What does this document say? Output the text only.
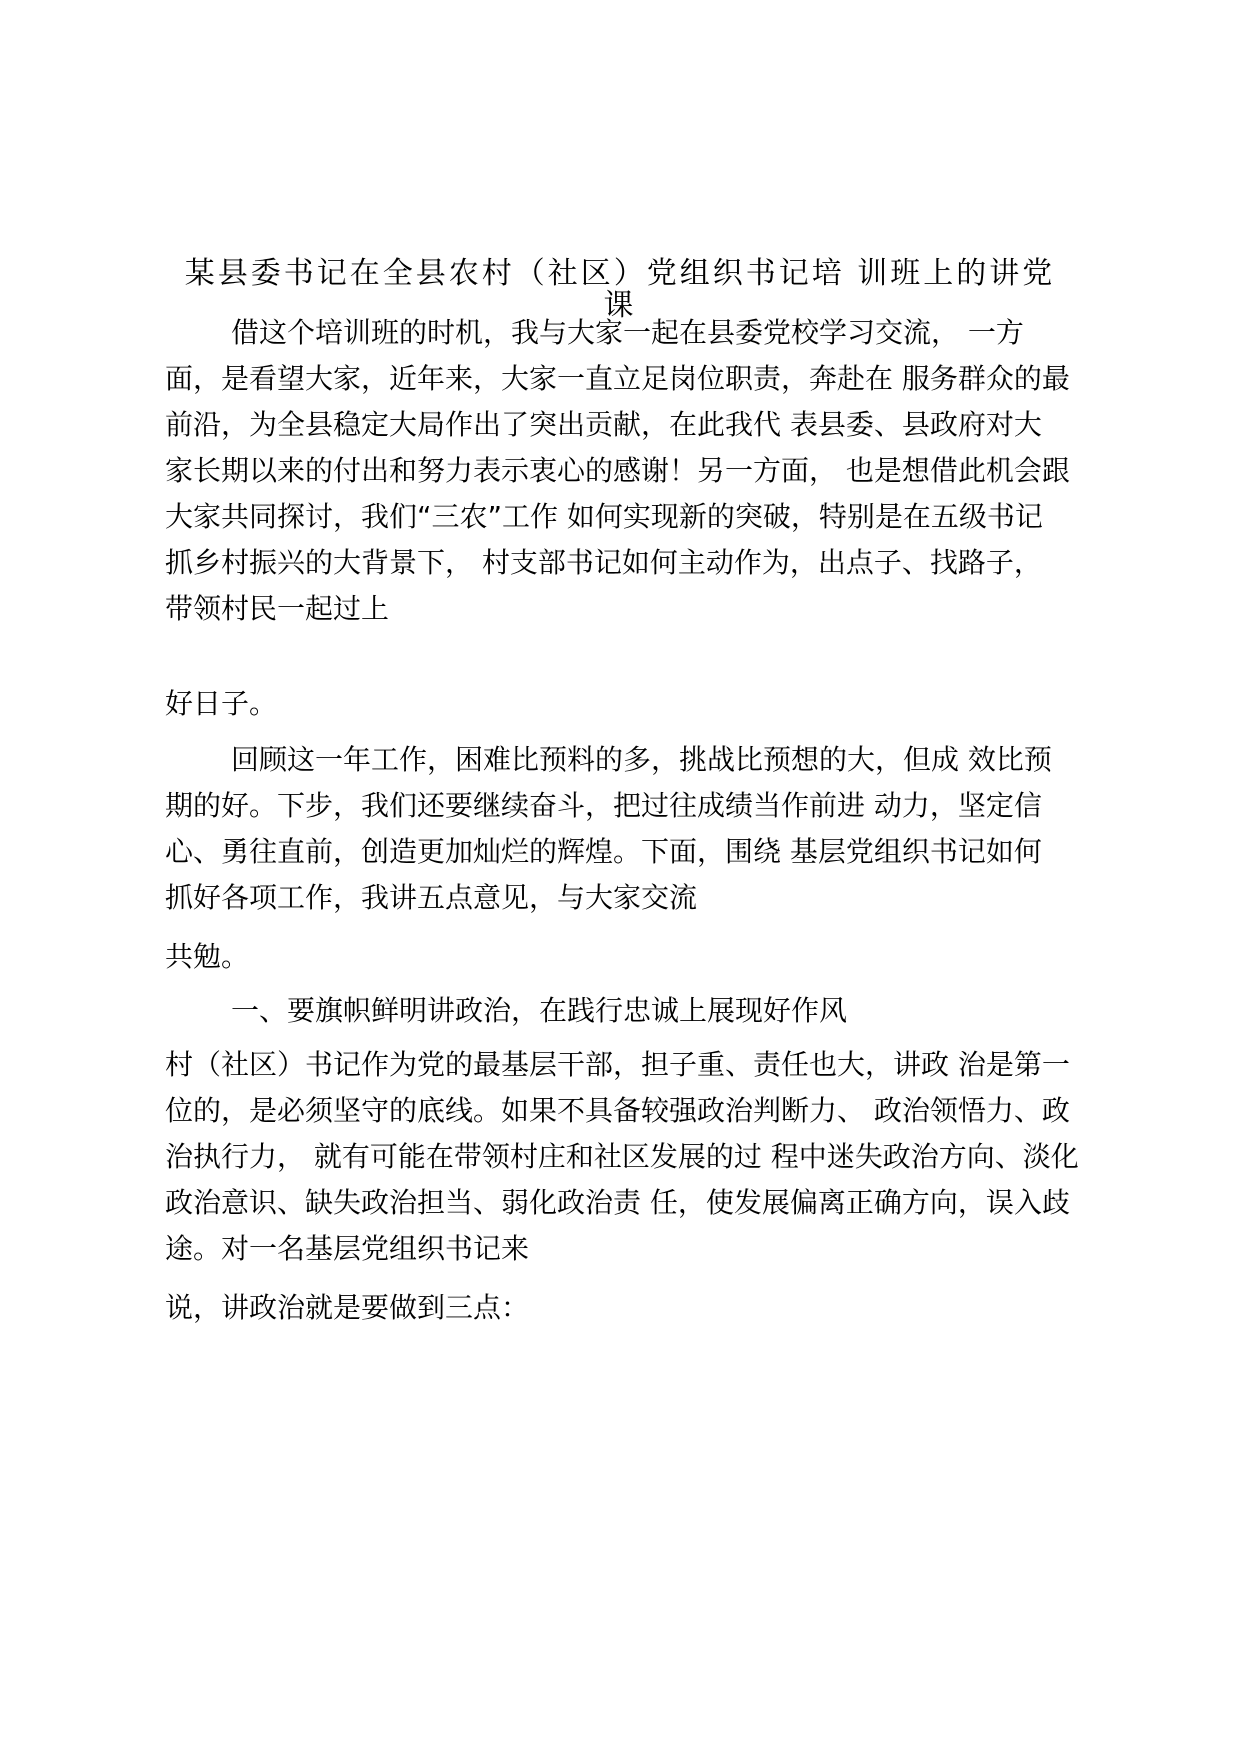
某县委书记在全县农村（社区）党组织书记培 训班上的讲党
课
借这个培训班的时机，我与大家一起在县委党校学习交流， 一方
面，是看望大家，近年来，大家一直立足岗位职责，奔赴在 服务群众的最
前沿，为全县稳定大局作出了突出贡献，在此我代 表县委、县政府对大
家长期以来的付出和努力表示衷心的感谢！另一方面， 也是想借此机会跟
大家共同探讨，我们“三农”工作 如何实现新的突破，特别是在五级书记
抓乡村振兴的大背景下， 村支部书记如何主动作为，出点子、找路子，
带领村民一起过上
好日子。
回顾这一年工作，困难比预料的多，挑战比预想的大，但成 效比预
期的好。下步，我们还要继续奋斗，把过往成绩当作前进 动力，坚定信
心、勇往直前，创造更加灿烂的辉煌。下面，围绕 基层党组织书记如何
抓好各项工作，我讲五点意见，与大家交流
共勉。
一、要旗帜鲜明讲政治，在践行忠诚上展现好作风
村（社区）书记作为党的最基层干部，担子重、责任也大，讲政 治是第一
位的，是必须坚守的底线。如果不具备较强政治判断力、 政治领悟力、政
治执行力， 就有可能在带领村庄和社区发展的过 程中迷失政治方向、淡化
政治意识、缺失政治担当、弱化政治责 任，使发展偏离正确方向，误入歧
途。对一名基层党组织书记来
说，讲政治就是要做到三点：
